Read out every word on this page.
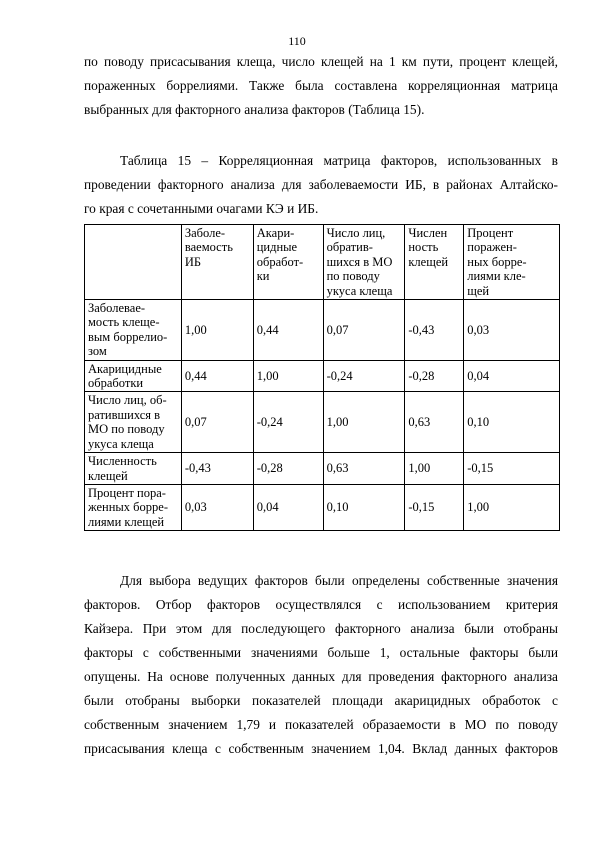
110

по поводу присасывания клеща, число клещей на 1 км пути, процент клещей,

пораженных боррелиями. Также была составлена корреляционная матрица

выбранных для факторного анализа факторов (Таблица 15).

Таблица 15 – Корреляционная матрица факторов, использованных в

проведении факторного анализа для заболеваемости ИБ, в районах Алтайско-

го края с сочетанными очагами КЭ и ИБ.

	Заболе-
ваемость
ИБ	Акари-
цидные
обработ-
ки	Число лиц,
обратив-
шихся в МО
по поводу
укуса клеща	Числен
ность
клещей	Процент
поражен-
ных борре-
лиями кле-
щей
Заболевае-
мость клеще-
вым боррелио-
зом	1,00	0,44	0,07	-0,43	0,03
Акарицидные
обработки	0,44	1,00	-0,24	-0,28	0,04
Число лиц, об-
ратившихся в
МО по поводу
укуса клеща	0,07	-0,24	1,00	0,63	0,10
Численность
клещей	-0,43	-0,28	0,63	1,00	-0,15
Процент пора-
женных борре-
лиями клещей	0,03	0,04	0,10	-0,15	1,00

Для выбора ведущих факторов были определены собственные значения

факторов. Отбор факторов осуществлялся с использованием критерия

Кайзера. При этом для последующего факторного анализа были отобраны

факторы с собственными значениями больше 1, остальные факторы были

опущены. На основе полученных данных для проведения факторного анализа

были отобраны выборки показателей площади акарицидных обработок с

собственным значением 1,79 и показателей образаемости в МО по поводу

присасывания клеща с собственным значением 1,04. Вклад данных факторов
